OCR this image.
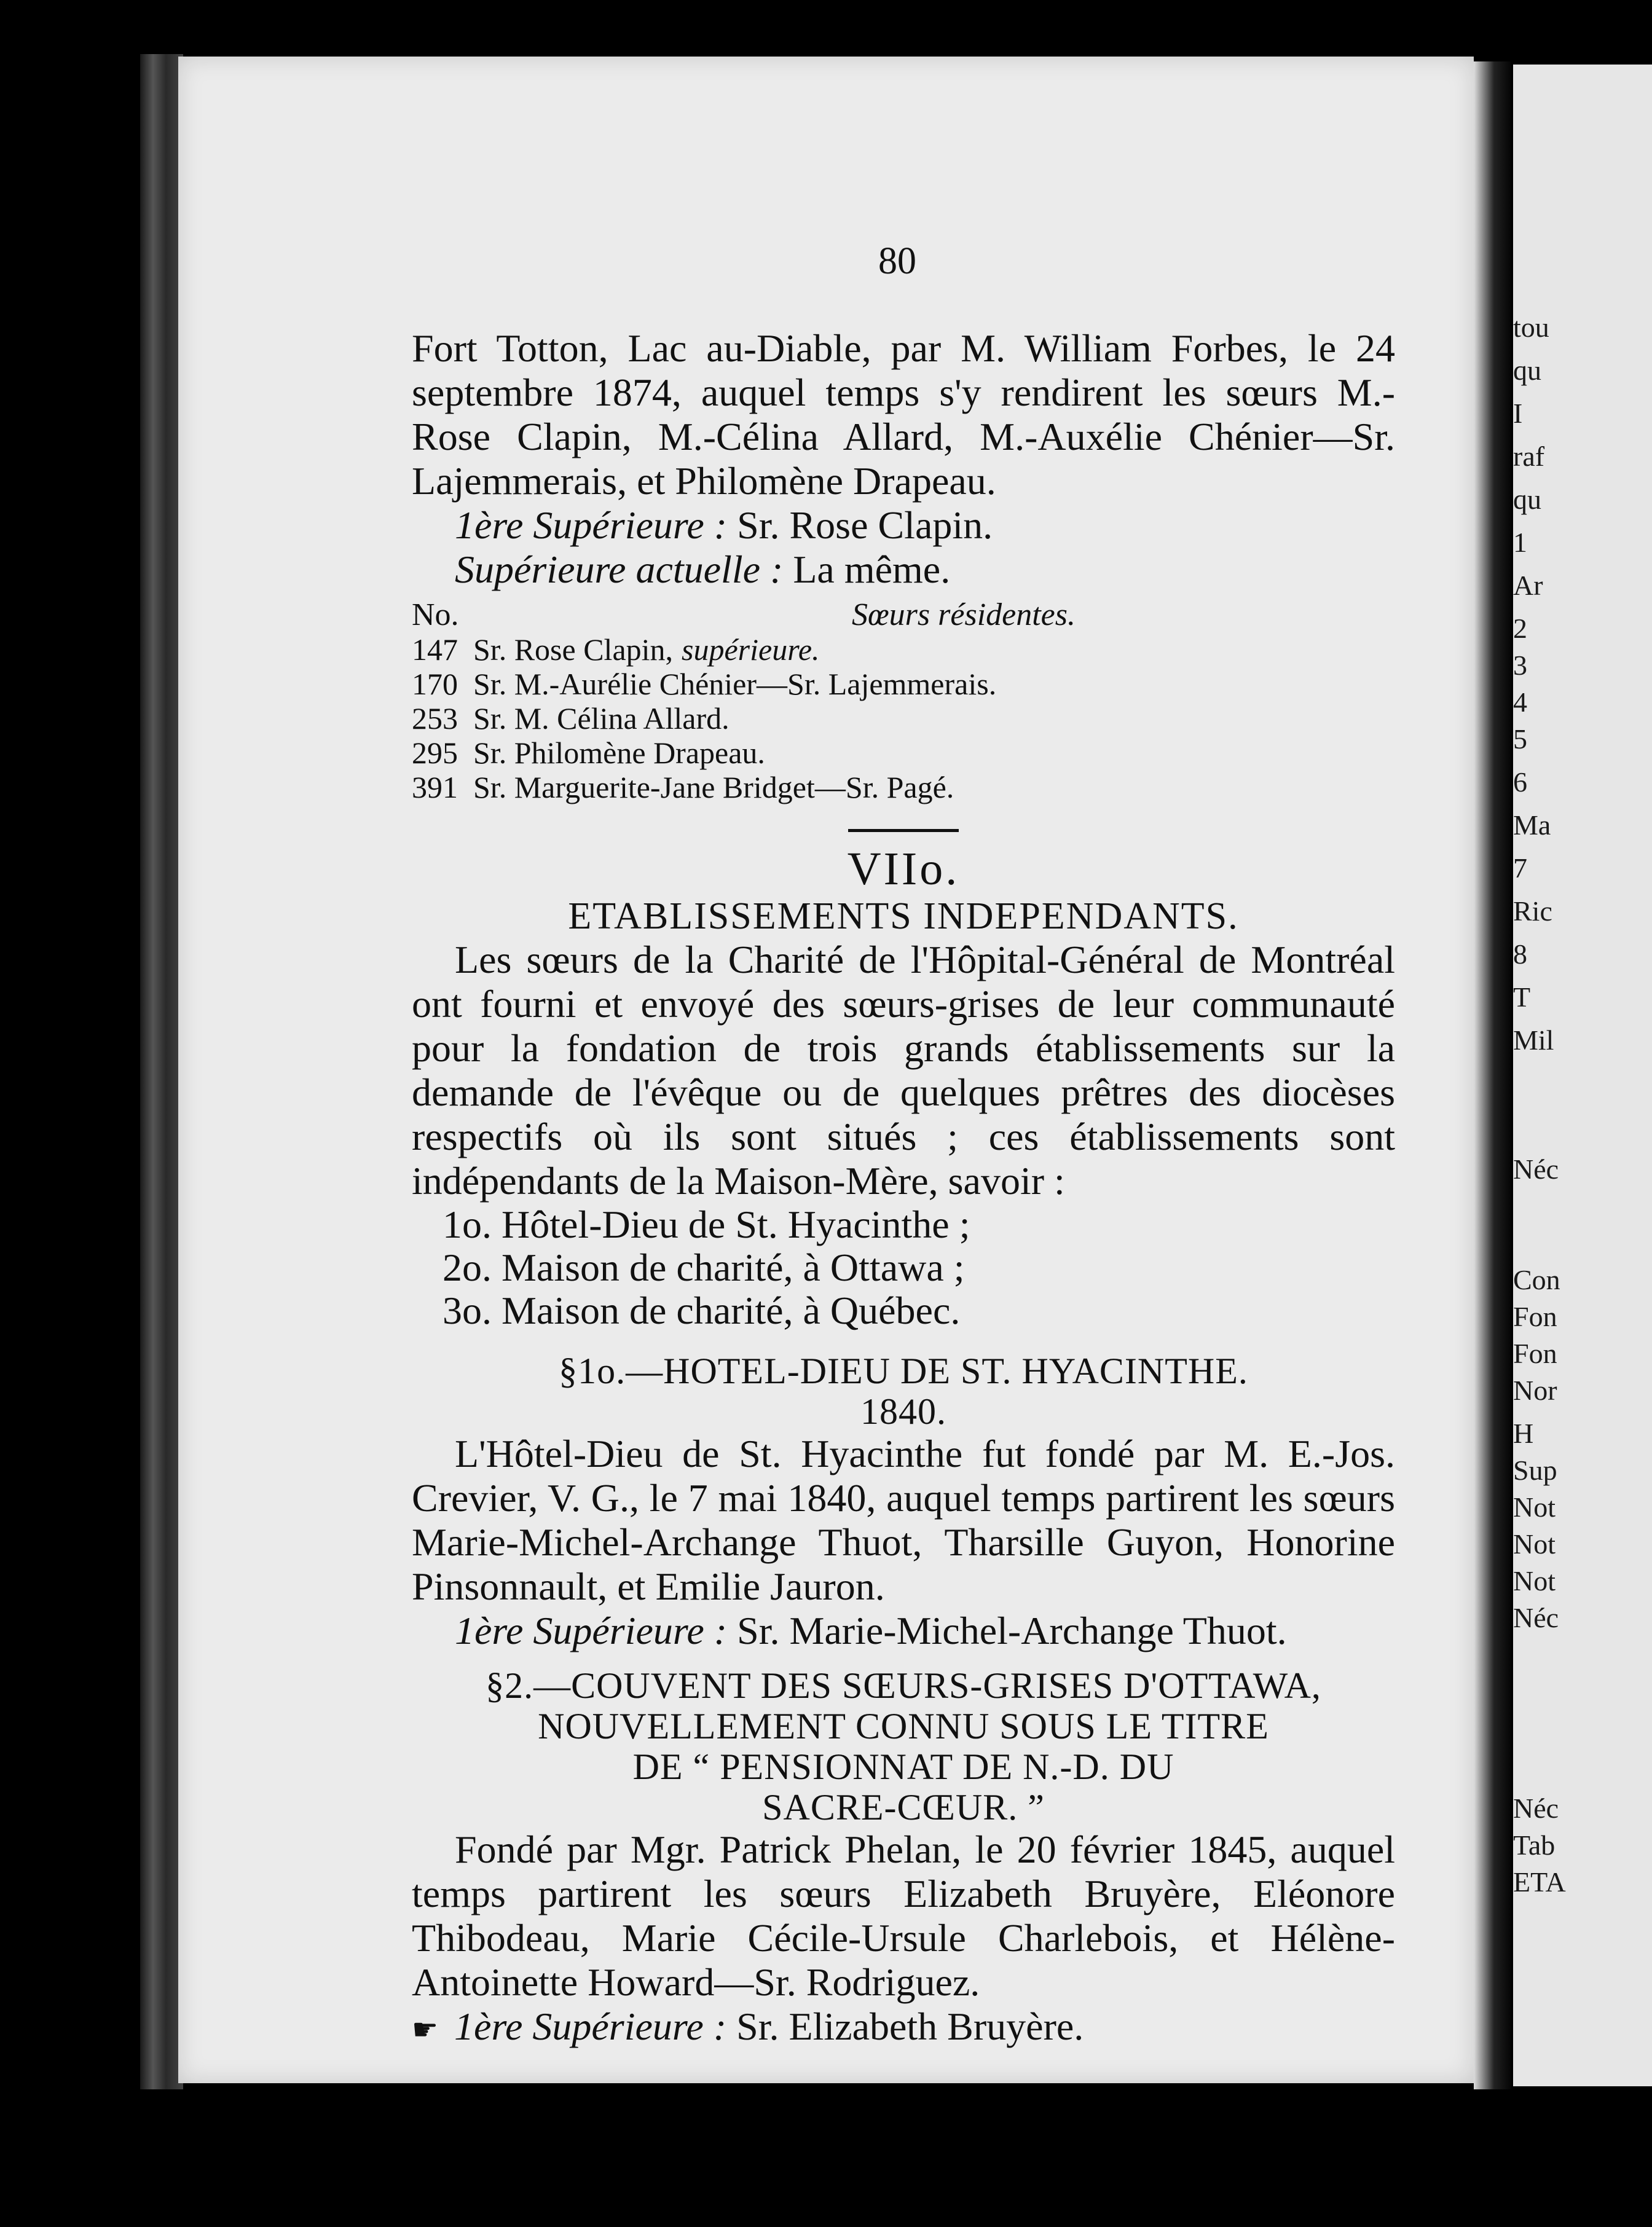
tou
qu
I
raf
qu
1
Ar
2
3
4
5
6
Ma
7
Ric
8
T
Mil
Néc
Con
Fon
Fon
Nor
H
Sup
Not
Not
Not
Néc
Néc
Tab
ETA
80

Fort Totton, Lac au-Diable, par M. William Forbes, le 24 septembre 1874, auquel temps s'y rendirent les sœurs M.-Rose Clapin, M.-Célina Allard, M.-Auxélie Chénier—Sr. Lajemmerais, et Philomène Drapeau.

1ère Supérieure : Sr. Rose Clapin.

Supérieure actuelle : La même.

No.	Sœurs résidentes.
147 Sr. Rose Clapin, supérieure.
170 Sr. M.-Aurélie Chénier—Sr. Lajemmerais.
253 Sr. M. Célina Allard.
295 Sr. Philomène Drapeau.
391 Sr. Marguerite-Jane Bridget—Sr. Pagé.
VIIo.
ETABLISSEMENTS INDEPENDANTS.

Les sœurs de la Charité de l'Hôpital-Général de Montréal ont fourni et envoyé des sœurs-grises de leur communauté pour la fondation de trois grands établissements sur la demande de l'évêque ou de quelques prêtres des diocèses respectifs où ils sont situés ; ces établissements sont indépendants de la Maison-Mère, savoir :

1o. Hôtel-Dieu de St. Hyacinthe ;
2o. Maison de charité, à Ottawa ;
3o. Maison de charité, à Québec.
§1o.—HOTEL-DIEU DE ST. HYACINTHE.
1840.

L'Hôtel-Dieu de St. Hyacinthe fut fondé par M. E.-Jos. Crevier, V. G., le 7 mai 1840, auquel temps partirent les sœurs Marie-Michel-Archange Thuot, Tharsille Guyon, Honorine Pinsonnault, et Emilie Jauron.

1ère Supérieure : Sr. Marie-Michel-Archange Thuot.

§2.—COUVENT DES SŒURS-GRISES D'OTTAWA,
NOUVELLEMENT CONNU SOUS LE TITRE
DE “ PENSIONNAT DE N.-D. DU
SACRE-CŒUR. ”

Fondé par Mgr. Patrick Phelan, le 20 février 1845, auquel temps partirent les sœurs Elizabeth Bruyère, Eléonore Thibodeau, Marie Cécile-Ursule Charlebois, et Hélène-Antoinette Howard—Sr. Rodriguez.

☛ 1ère Supérieure : Sr. Elizabeth Bruyère.
